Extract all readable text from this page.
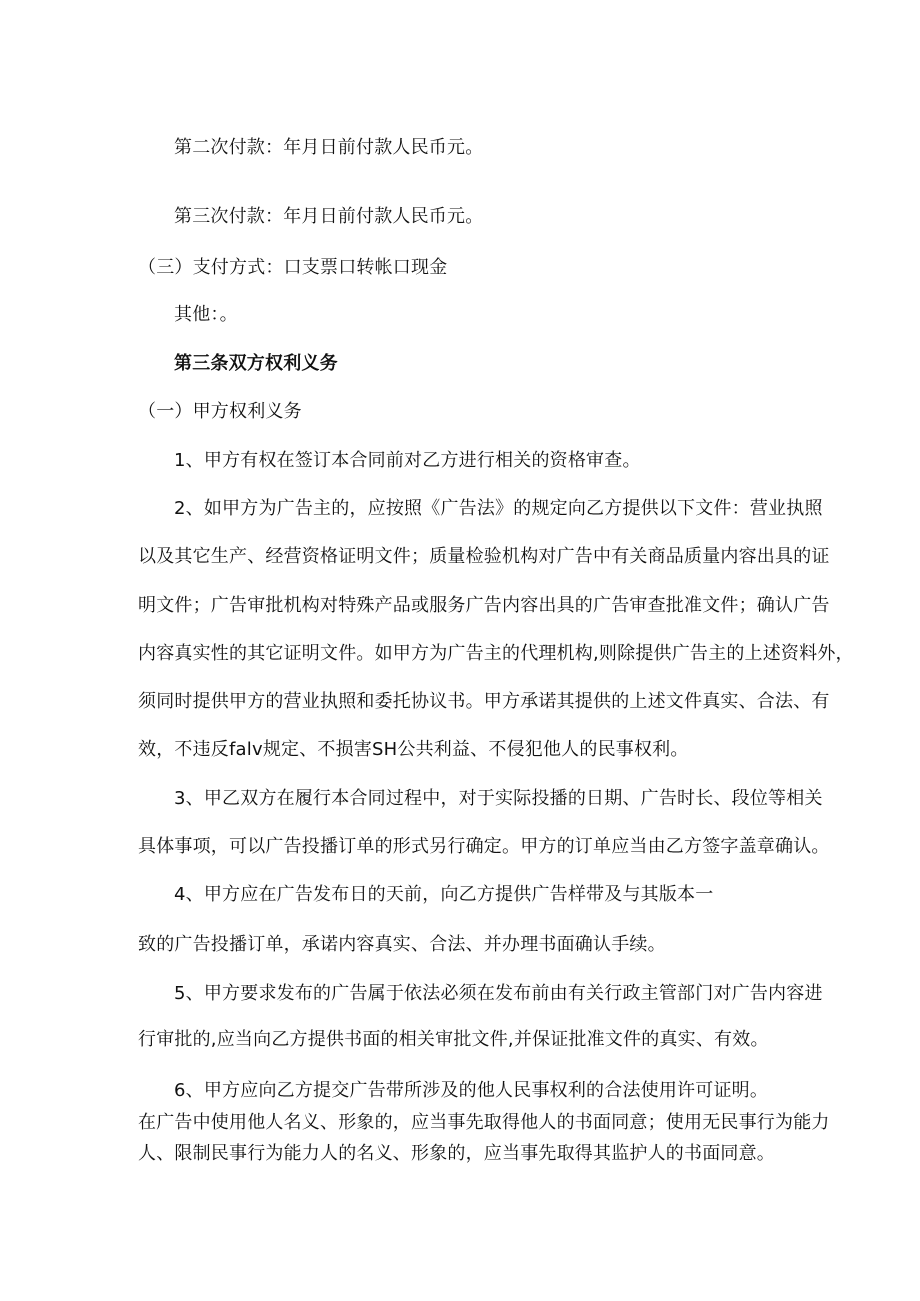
第二次付款：年月日前付款人民币元。
第三次付款：年月日前付款人民币元。
（三）支付方式：口支票口转帐口现金
其他：。
第三条双方权利义务
（一）甲方权利义务
1、甲方有权在签订本合同前对乙方进行相关的资格审查。
2、如甲方为广告主的，应按照《广告法》的规定向乙方提供以下文件：营业执照
以及其它生产、经营资格证明文件；质量检验机构对广告中有关商品质量内容出具的证
明文件；广告审批机构对特殊产品或服务广告内容出具的广告审查批准文件；确认广告
内容真实性的其它证明文件。如甲方为广告主的代理机构,则除提供广告主的上述资料外，
须同时提供甲方的营业执照和委托协议书。甲方承诺其提供的上述文件真实、合法、有
效，不违反falv规定、不损害SH公共利益、不侵犯他人的民事权利。
3、甲乙双方在履行本合同过程中，对于实际投播的日期、广告时长、段位等相关
具体事项，可以广告投播订单的形式另行确定。甲方的订单应当由乙方签字盖章确认。
4、甲方应在广告发布日的天前，向乙方提供广告样带及与其版本一
致的广告投播订单，承诺内容真实、合法、并办理书面确认手续。
5、甲方要求发布的广告属于依法必须在发布前由有关行政主管部门对广告内容进
行审批的,应当向乙方提供书面的相关审批文件,并保证批准文件的真实、有效。
6、甲方应向乙方提交广告带所涉及的他人民事权利的合法使用许可证明。
在广告中使用他人名义、形象的，应当事先取得他人的书面同意；使用无民事行为能力
人、限制民事行为能力人的名义、形象的，应当事先取得其监护人的书面同意。
